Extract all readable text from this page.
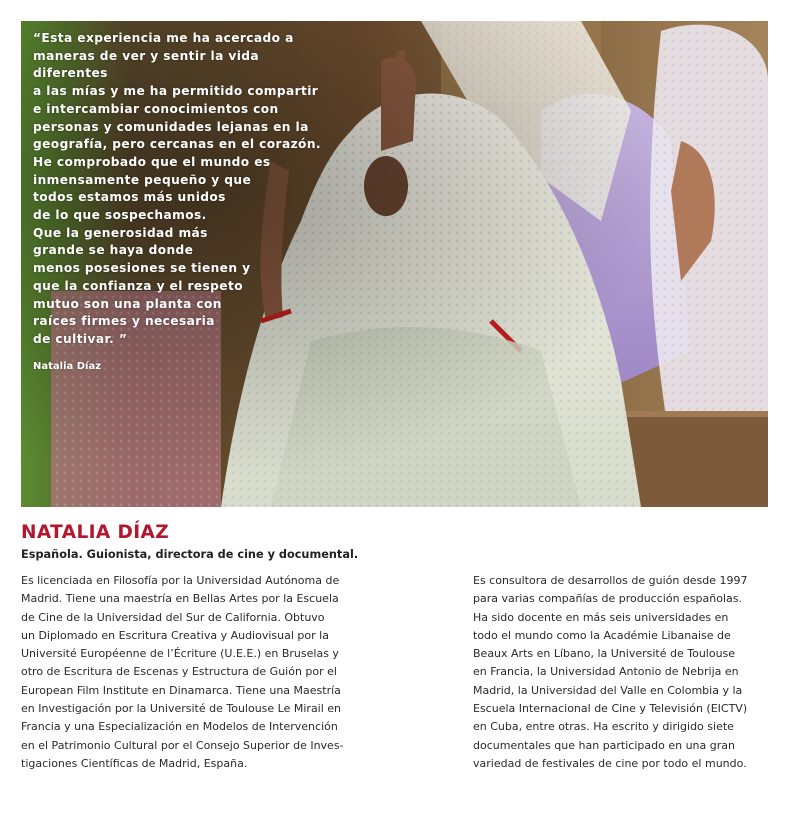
“Esta experiencia me ha acercado a
maneras de ver y sentir la vida diferentes
a las mías y me ha permitido compartir
e intercambiar conocimientos con
personas y comunidades lejanas en la
geografía, pero cercanas en el corazón.
He comprobado que el mundo es
inmensamente pequeño y que
todos estamos más unidos
de lo que sospechamos.
Que la generosidad más
grande se haya donde
menos posesiones se tienen y
que la confianza y el respeto
mutuo son una planta con
raíces firmes y necesaria
de cultivar. ”

Natalia Díaz
NATALIA DÍAZ

Española. Guionista, directora de cine y documental.

Es licenciada en Filosofía por la Universidad Autónoma de
Madrid. Tiene una maestría en Bellas Artes por la Escuela
de Cine de la Universidad del Sur de California. Obtuvo
un Diplomado en Escritura Creativa y Audiovisual por la
Université Européenne de l’Écriture (U.E.E.) en Bruselas y
otro de Escritura de Escenas y Estructura de Guión por el
European Film Institute en Dinamarca. Tiene una Maestría
en Investigación por la Université de Toulouse Le Mirail en
Francia y una Especialización en Modelos de Intervención
en el Patrimonio Cultural por el Consejo Superior de Inves-
tigaciones Científicas de Madrid, España.

Es consultora de desarrollos de guión desde 1997
para varias compañías de producción españolas.
Ha sido docente en más seis universidades en
todo el mundo como la Académie Libanaise de
Beaux Arts en Líbano, la Université de Toulouse
en Francia, la Universidad Antonio de Nebrija en
Madrid, la Universidad del Valle en Colombia y la
Escuela Internacional de Cine y Televisión (EICTV)
en Cuba, entre otras. Ha escrito y dirigido siete
documentales que han participado en una gran
variedad de festivales de cine por todo el mundo.
